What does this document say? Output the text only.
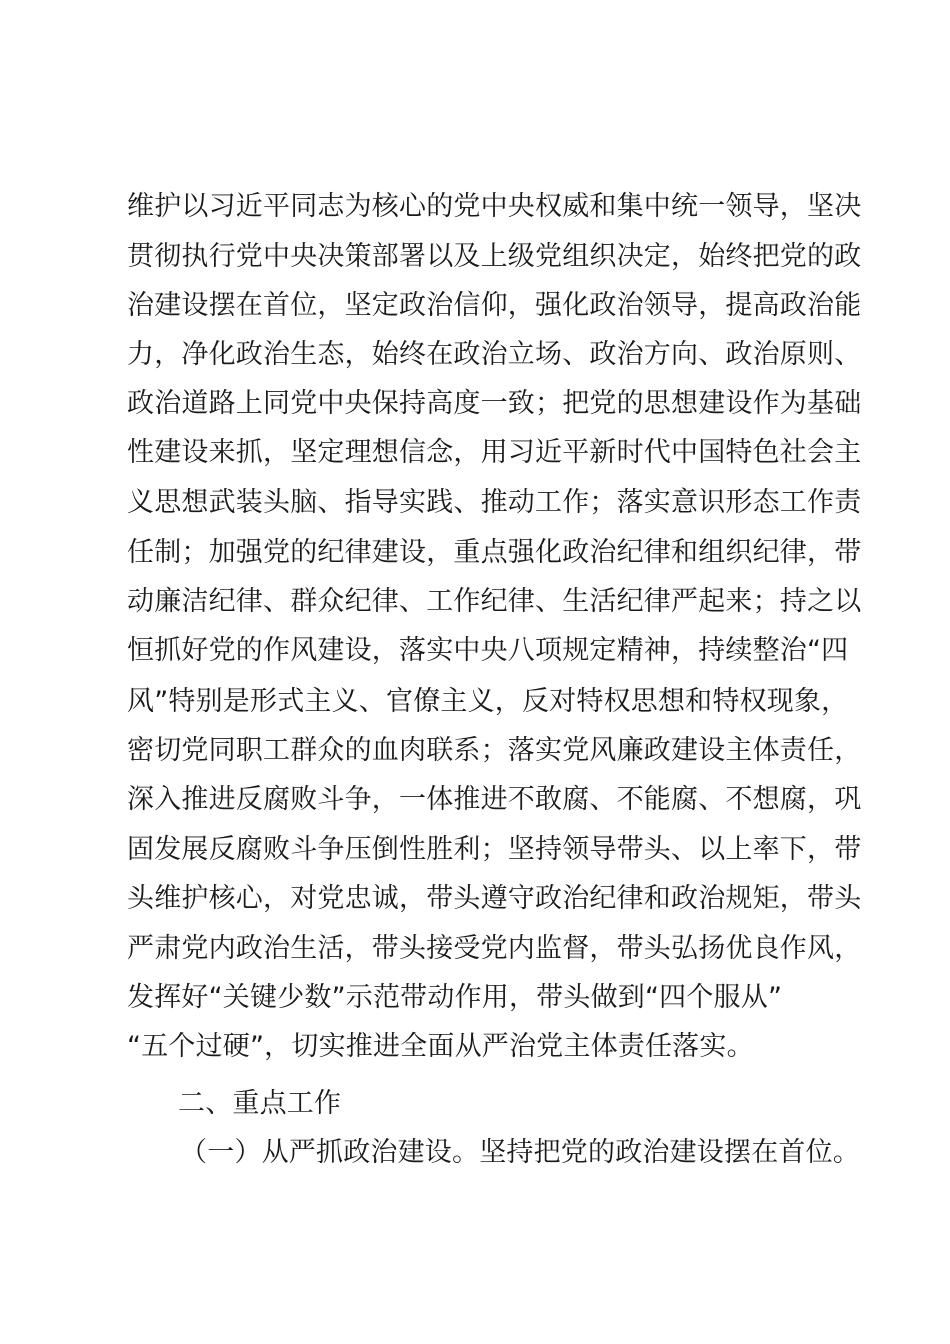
维护以习近平同志为核心的党中央权威和集中统一领导，坚决
贯彻执行党中央决策部署以及上级党组织决定，始终把党的政
治建设摆在首位，坚定政治信仰，强化政治领导，提高政治能
力，净化政治生态，始终在政治立场、政治方向、政治原则、
政治道路上同党中央保持高度一致；把党的思想建设作为基础
性建设来抓，坚定理想信念，用习近平新时代中国特色社会主
义思想武装头脑、指导实践、推动工作；落实意识形态工作责
任制；加强党的纪律建设，重点强化政治纪律和组织纪律，带
动廉洁纪律、群众纪律、工作纪律、生活纪律严起来；持之以
恒抓好党的作风建设，落实中央八项规定精神，持续整治“四
风”特别是形式主义、官僚主义，反对特权思想和特权现象，
密切党同职工群众的血肉联系；落实党风廉政建设主体责任，
深入推进反腐败斗争，一体推进不敢腐、不能腐、不想腐，巩
固发展反腐败斗争压倒性胜利；坚持领导带头、以上率下，带
头维护核心，对党忠诚，带头遵守政治纪律和政治规矩，带头
严肃党内政治生活，带头接受党内监督，带头弘扬优良作风，
发挥好“关键少数”示范带动作用，带头做到“四个服从”
“五个过硬”，切实推进全面从严治党主体责任落实。
二、重点工作
（一）从严抓政治建设。坚持把党的政治建设摆在首位。
